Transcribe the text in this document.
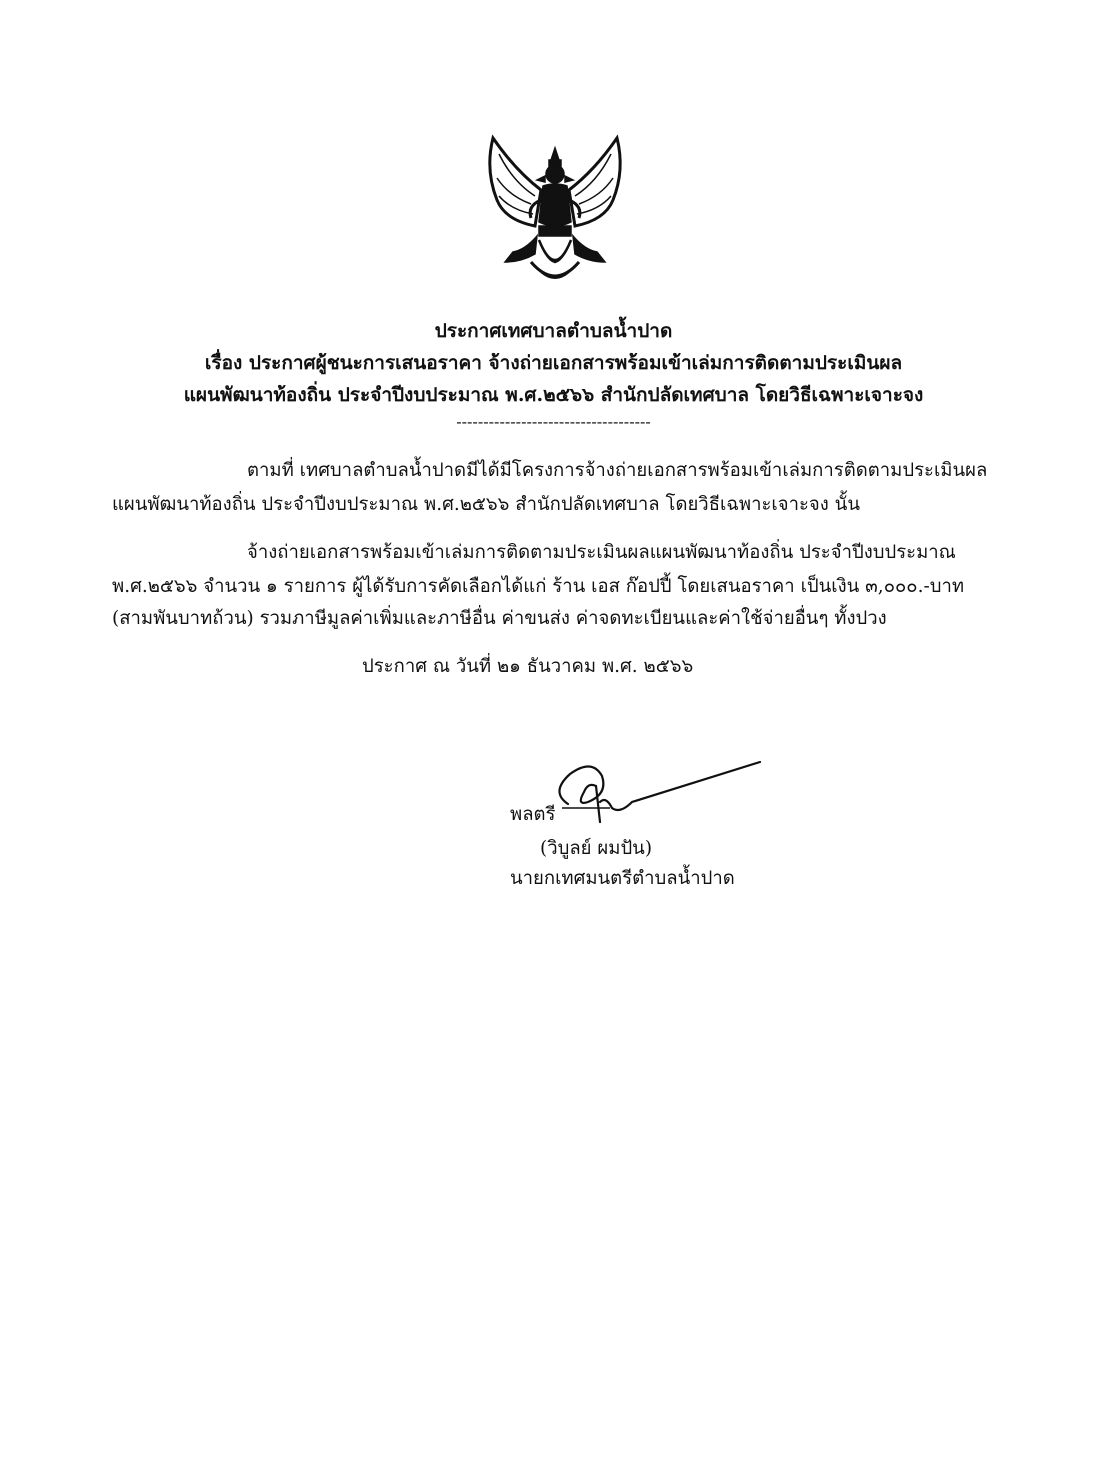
ประกาศเทศบาลตำบลน้ำปาด
เรื่อง ประกาศผู้ชนะการเสนอราคา จ้างถ่ายเอกสารพร้อมเข้าเล่มการติดตามประเมินผล
แผนพัฒนาท้องถิ่น ประจำปีงบประมาณ พ.ศ.๒๕๖๖ สำนักปลัดเทศบาล โดยวิธีเฉพาะเจาะจง
------------------------------------
ตามที่ เทศบาลตำบลน้ำปาดมีได้มีโครงการจ้างถ่ายเอกสารพร้อมเข้าเล่มการติดตามประเมินผล
แผนพัฒนาท้องถิ่น ประจำปีงบประมาณ พ.ศ.๒๕๖๖ สำนักปลัดเทศบาล โดยวิธีเฉพาะเจาะจง นั้น
จ้างถ่ายเอกสารพร้อมเข้าเล่มการติดตามประเมินผลแผนพัฒนาท้องถิ่น ประจำปีงบประมาณ
พ.ศ.๒๕๖๖ จำนวน ๑ รายการ ผู้ได้รับการคัดเลือกได้แก่ ร้าน เอส ก๊อปปี้ โดยเสนอราคา เป็นเงิน ๓,๐๐๐.-บาท
(สามพันบาทถ้วน) รวมภาษีมูลค่าเพิ่มและภาษีอื่น ค่าขนส่ง ค่าจดทะเบียนและค่าใช้จ่ายอื่นๆ ทั้งปวง
ประกาศ ณ วันที่ ๒๑ ธันวาคม พ.ศ. ๒๕๖๖
พลตรี
(วิบูลย์ ผมปัน)
นายกเทศมนตรีตำบลน้ำปาด
